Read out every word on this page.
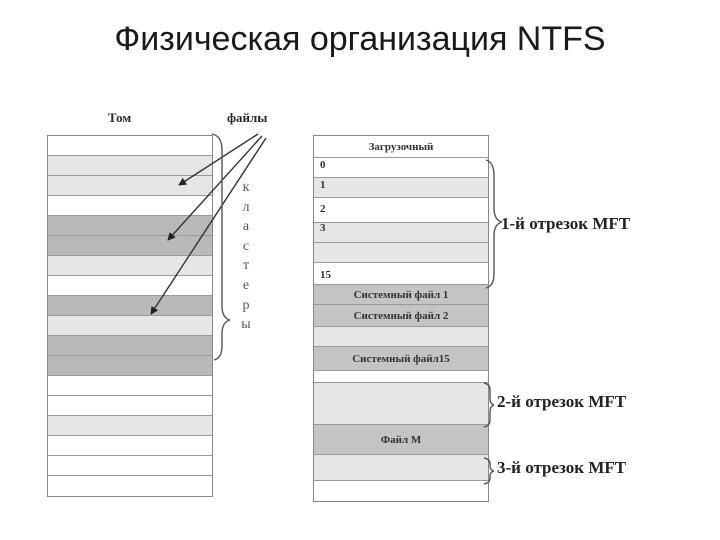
Физическая организация NTFS
Том	файлы
к
л
а
с
т
е
р
ы
Загрузочный
0
1
2
3
15
Системный файл 1
Системный файл 2
Системный файл15
Файл M
1-й отрезок MFT
2-й отрезок MFT
3-й отрезок MFT
